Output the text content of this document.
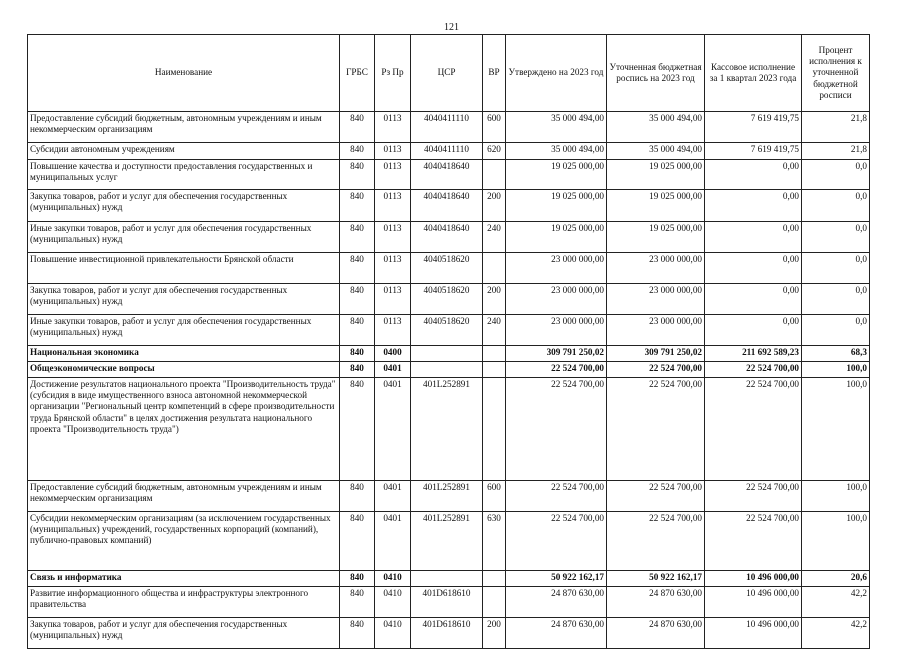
121
Наименование	ГРБС	Рз Пр	ЦСР	ВР	Утверждено на 2023 год	Уточненная бюджетная роспись на 2023 год	Кассовое исполнение за 1 квартал 2023 года	Процент исполнения к уточненной бюджетной росписи
Предоставление субсидий бюджетным, автономным учреждениям и иным некоммерческим организациям	840	0113	4040411110	600	35 000 494,00	35 000 494,00	7 619 419,75	21,8
Субсидии автономным учреждениям	840	0113	4040411110	620	35 000 494,00	35 000 494,00	7 619 419,75	21,8
Повышение качества и доступности предоставления государственных и муниципальных услуг	840	0113	4040418640		19 025 000,00	19 025 000,00	0,00	0,0
Закупка товаров, работ и услуг для обеспечения государственных (муниципальных) нужд	840	0113	4040418640	200	19 025 000,00	19 025 000,00	0,00	0,0
Иные закупки товаров, работ и услуг для обеспечения государственных (муниципальных) нужд	840	0113	4040418640	240	19 025 000,00	19 025 000,00	0,00	0,0
Повышение инвестиционной привлекательности Брянской области	840	0113	4040518620		23 000 000,00	23 000 000,00	0,00	0,0
Закупка товаров, работ и услуг для обеспечения государственных (муниципальных) нужд	840	0113	4040518620	200	23 000 000,00	23 000 000,00	0,00	0,0
Иные закупки товаров, работ и услуг для обеспечения государственных (муниципальных) нужд	840	0113	4040518620	240	23 000 000,00	23 000 000,00	0,00	0,0
Национальная экономика	840	0400			309 791 250,02	309 791 250,02	211 692 589,23	68,3
Общеэкономические вопросы	840	0401			22 524 700,00	22 524 700,00	22 524 700,00	100,0
Достижение результатов национального проекта "Производительность труда" (субсидия в виде имущественного взноса автономной некоммерческой организации "Региональный центр компетенций в сфере производительности труда Брянской области" в целях достижения результата национального проекта "Производительность труда")	840	0401	401L252891		22 524 700,00	22 524 700,00	22 524 700,00	100,0
Предоставление субсидий бюджетным, автономным учреждениям и иным некоммерческим организациям	840	0401	401L252891	600	22 524 700,00	22 524 700,00	22 524 700,00	100,0
Субсидии некоммерческим организациям (за исключением государственных (муниципальных) учреждений, государственных корпораций (компаний), публично-правовых компаний)	840	0401	401L252891	630	22 524 700,00	22 524 700,00	22 524 700,00	100,0
Связь и информатика	840	0410			50 922 162,17	50 922 162,17	10 496 000,00	20,6
Развитие информационного общества и инфраструктуры электронного правительства	840	0410	401D618610		24 870 630,00	24 870 630,00	10 496 000,00	42,2
Закупка товаров, работ и услуг для обеспечения государственных (муниципальных) нужд	840	0410	401D618610	200	24 870 630,00	24 870 630,00	10 496 000,00	42,2
